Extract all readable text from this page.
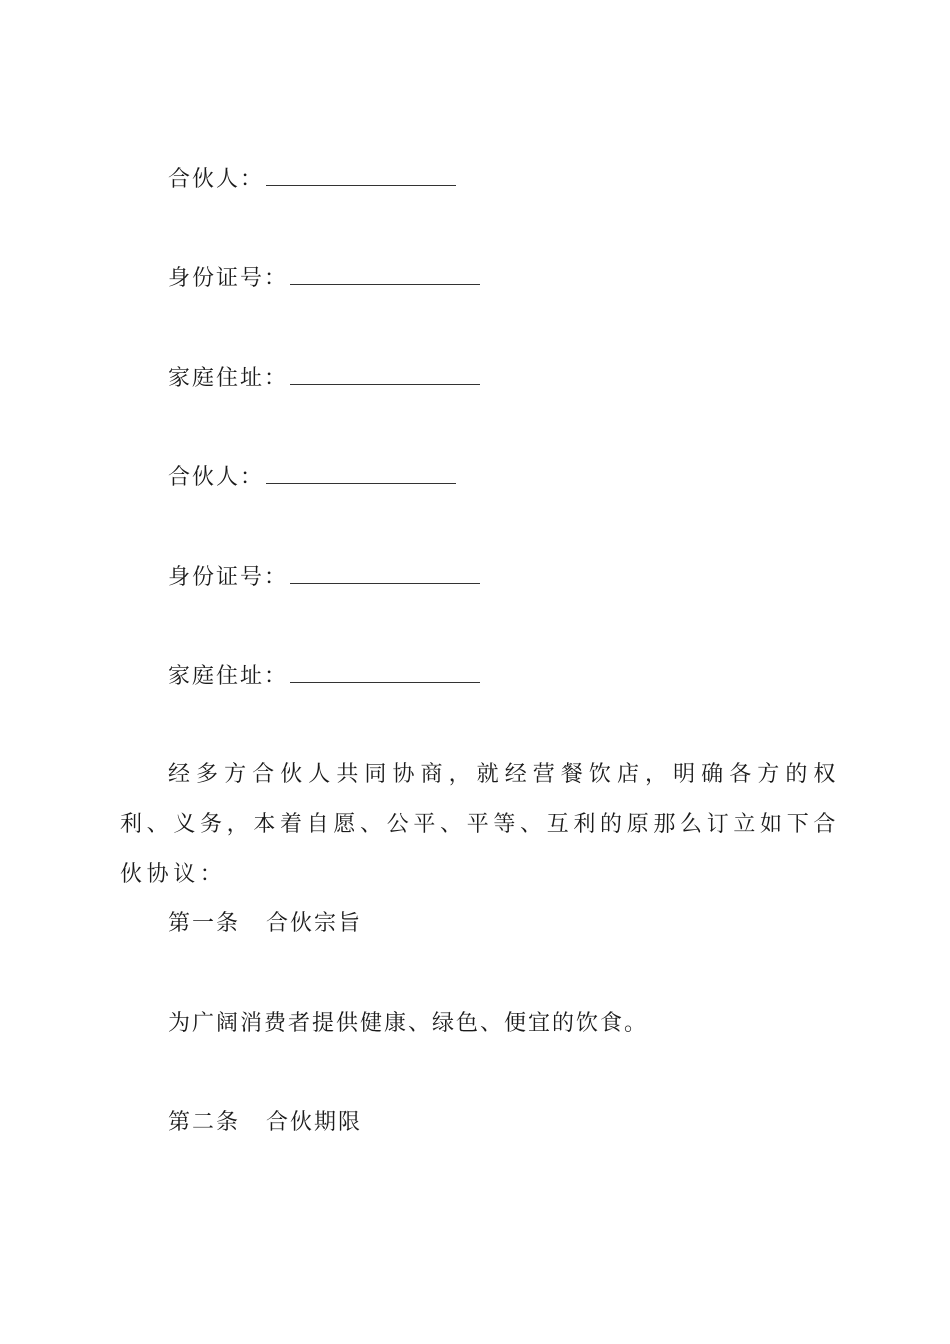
合伙人：
身份证号：
家庭住址：
合伙人：
身份证号：
家庭住址：

经多方合伙人共同协商，就经营餐饮店，明确各方的权利、义务，本着自愿、公平、平等、互利的原那么订立如下合伙协议：

第一条 合伙宗旨
为广阔消费者提供健康、绿色、便宜的饮食。
第二条 合伙期限
